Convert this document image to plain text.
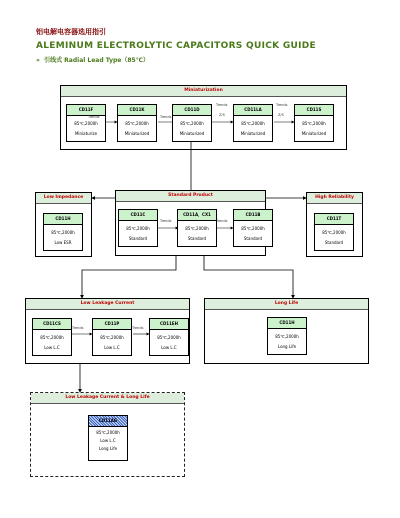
铝电解电容器选用指引
ALEMINUM ELECTROLYTIC CAPACITORS QUICK GUIDE
» 引线式 Radial Lead Type（85℃）
Miniaturization
CD11F
85℃,2000h
Miniaturize
CD11K
85℃,2000h
Miniaturized
CD11D
85℃,2000h
Miniaturized
CD11LA
85℃,2000h
Miniaturized
CD11S
85℃,2000h
Miniaturized
Trends	Trends
Trends
Z/S
Trends
Z/S
Low Impedance
CD11H
85℃,2000h
Low ESR
Standard Product
CD11C
85℃,2000h
Standard
CD11A，CX1
85℃,2000h
Standard
CD11B
85℃,2000h
Standard
Trends	Trends
High Reliability
CD11T
85℃,2000h
Standard
Low Leakage Current
CD11CS
85℃,2000h
Low L.C
CD11P
85℃,2000h
Low L.C
CD11EH
85℃,2000h
Low L.C
Trends	Trends
Long Life
CD11H
85℃,2000h
Long Life
Low Leakage Current & Long Life
CD11AG
85℃,2000h
Low L.C
Long Life
